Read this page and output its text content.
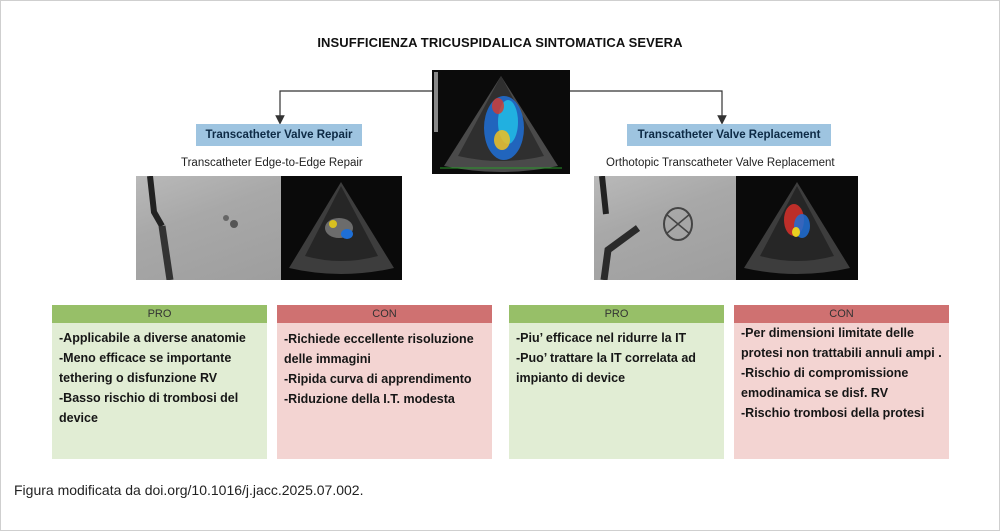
INSUFFICIENZA TRICUSPIDALICA SINTOMATICA SEVERA
Transcatheter Valve Repair	Transcatheter Valve Replacement
Transcatheter Edge-to-Edge Repair	Orthotopic Transcatheter Valve Replacement
PRO	CON	PRO	CON

-Applicabile a diverse anatomie

-Meno efficace se importante tethering o disfunzione RV

-Basso rischio di trombosi del device

-Richiede eccellente risoluzione delle immagini

-Ripida curva di apprendimento

-Riduzione della I.T. modesta

-Piu’ efficace nel ridurre la IT

-Puo’ trattare la IT correlata ad impianto di device

-Per dimensioni limitate delle protesi non trattabili annuli ampi .

-Rischio di compromissione emodinamica se disf. RV

-Rischio trombosi della protesi

Figura modificata da doi.org/10.1016/j.jacc.2025.07.002.
